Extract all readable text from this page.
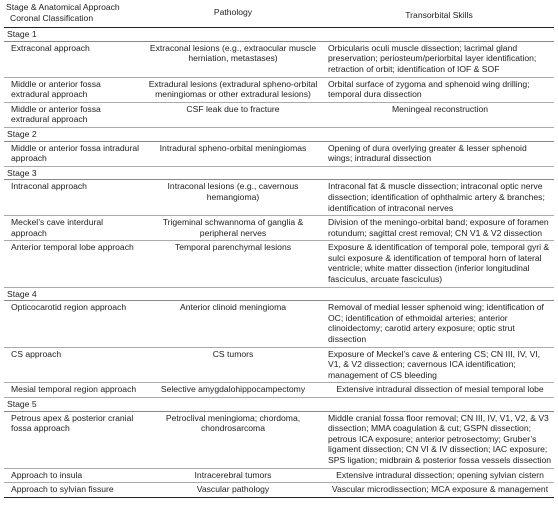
Stage & Anatomical Approach
Coronal Classification	Pathology	Transorbital Skills
Stage 1		
Extraconal approach	Extraconal lesions (e.g., extraocular muscle herniation, metastases)	Orbicularis oculi muscle dissection; lacrimal gland preservation; periosteum/periorbital layer identification; retraction of orbit; identification of IOF & SOF
Middle or anterior fossa extradural approach	Extradural lesions (extradural spheno-orbital meningiomas or other extradural lesions)	Orbital surface of zygoma and sphenoid wing drilling; temporal dura dissection
Middle or anterior fossa extradural approach	CSF leak due to fracture	Meningeal reconstruction
Stage 2		
Middle or anterior fossa intradural approach	Intradural spheno-orbital meningiomas	Opening of dura overlying greater & lesser sphenoid wings; intradural dissection
Stage 3		
Intraconal approach	Intraconal lesions (e.g., cavernous hemangioma)	Intraconal fat & muscle dissection; intraconal optic nerve dissection; identification of ophthalmic artery & branches; identification of intraconal nerves
Meckel’s cave interdural approach	Trigeminal schwannoma of ganglia & peripheral nerves	Division of the meningo-orbital band; exposure of foramen rotundum; sagittal crest removal; CN V1 & V2 dissection
Anterior temporal lobe approach	Temporal parenchymal lesions	Exposure & identification of temporal pole, temporal gyri & sulci exposure & identification of temporal horn of lateral ventricle; white matter dissection (inferior longitudinal fasciculus, arcuate fasciculus)
Stage 4		
Opticocarotid region approach	Anterior clinoid meningioma	Removal of medial lesser sphenoid wing; identification of OC; identification of ethmoidal arteries; anterior clinoidectomy; carotid artery exposure; optic strut dissection
CS approach	CS tumors	Exposure of Meckel’s cave & entering CS; CN III, IV, VI, V1, & V2 dissection; cavernous ICA identification; management of CS bleeding
Mesial temporal region approach	Selective amygdalohippocampectomy	Extensive intradural dissection of mesial temporal lobe
Stage 5		
Petrous apex & posterior cranial fossa approach	Petroclival meningioma; chordoma, chondrosarcoma	Middle cranial fossa floor removal; CN III, IV, V1, V2, & V3 dissection; MMA coagulation & cut; GSPN dissection; petrous ICA exposure; anterior petrosectomy; Gruber’s ligament dissection; CN VI & IV dissection; IAC exposure; SPS ligation; midbrain & posterior fossa vessels dissection
Approach to insula	Intracerebral tumors	Extensive intradural dissection; opening sylvian cistern
Approach to sylvian fissure	Vascular pathology	Vascular microdissection; MCA exposure & management
